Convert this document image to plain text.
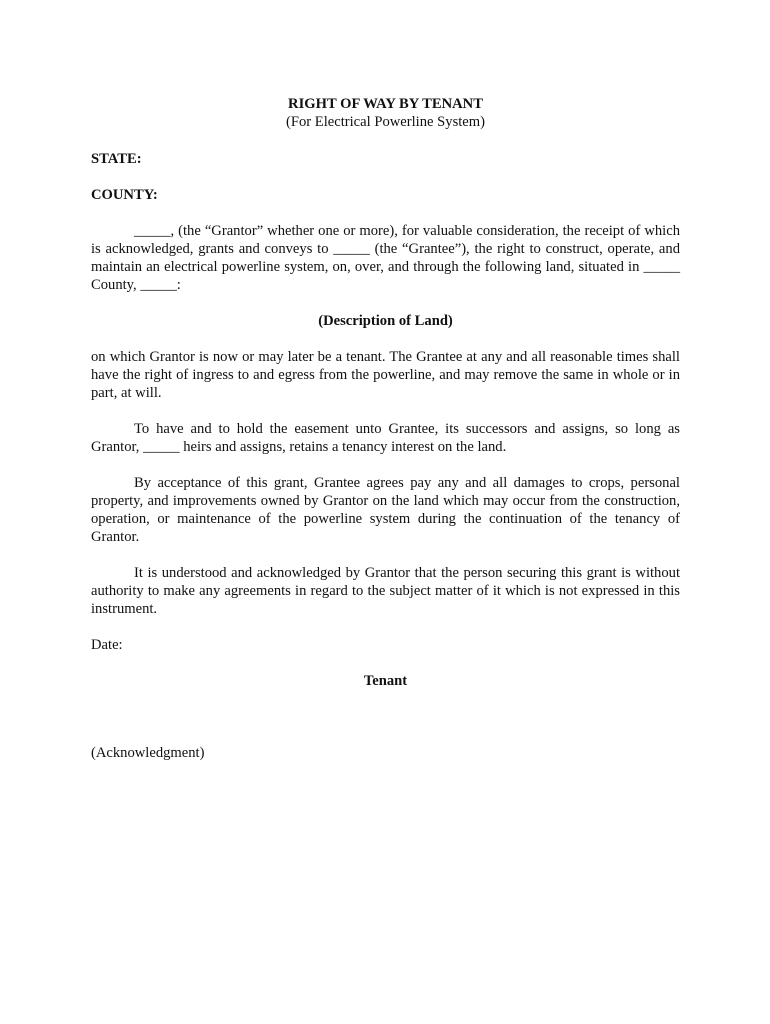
RIGHT OF WAY BY TENANT

(For Electrical Powerline System)

STATE:

COUNTY:

_____, (the “Grantor” whether one or more), for valuable consideration, the receipt of which is acknowledged, grants and conveys to _____ (the “Grantee”), the right to construct, operate, and maintain an electrical powerline system, on, over, and through the following land, situated in _____ County, _____:

(Description of Land)

on which Grantor is now or may later be a tenant. The Grantee at any and all reasonable times shall have the right of ingress to and egress from the powerline, and may remove the same in whole or in part, at will.

To have and to hold the easement unto Grantee, its successors and assigns, so long as Grantor, _____ heirs and assigns, retains a tenancy interest on the land.

By acceptance of this grant, Grantee agrees pay any and all damages to crops, personal property, and improvements owned by Grantor on the land which may occur from the construction, operation, or maintenance of the powerline system during the continuation of the tenancy of Grantor.

It is understood and acknowledged by Grantor that the person securing this grant is without authority to make any agreements in regard to the subject matter of it which is not expressed in this instrument.

Date:

Tenant

(Acknowledgment)
